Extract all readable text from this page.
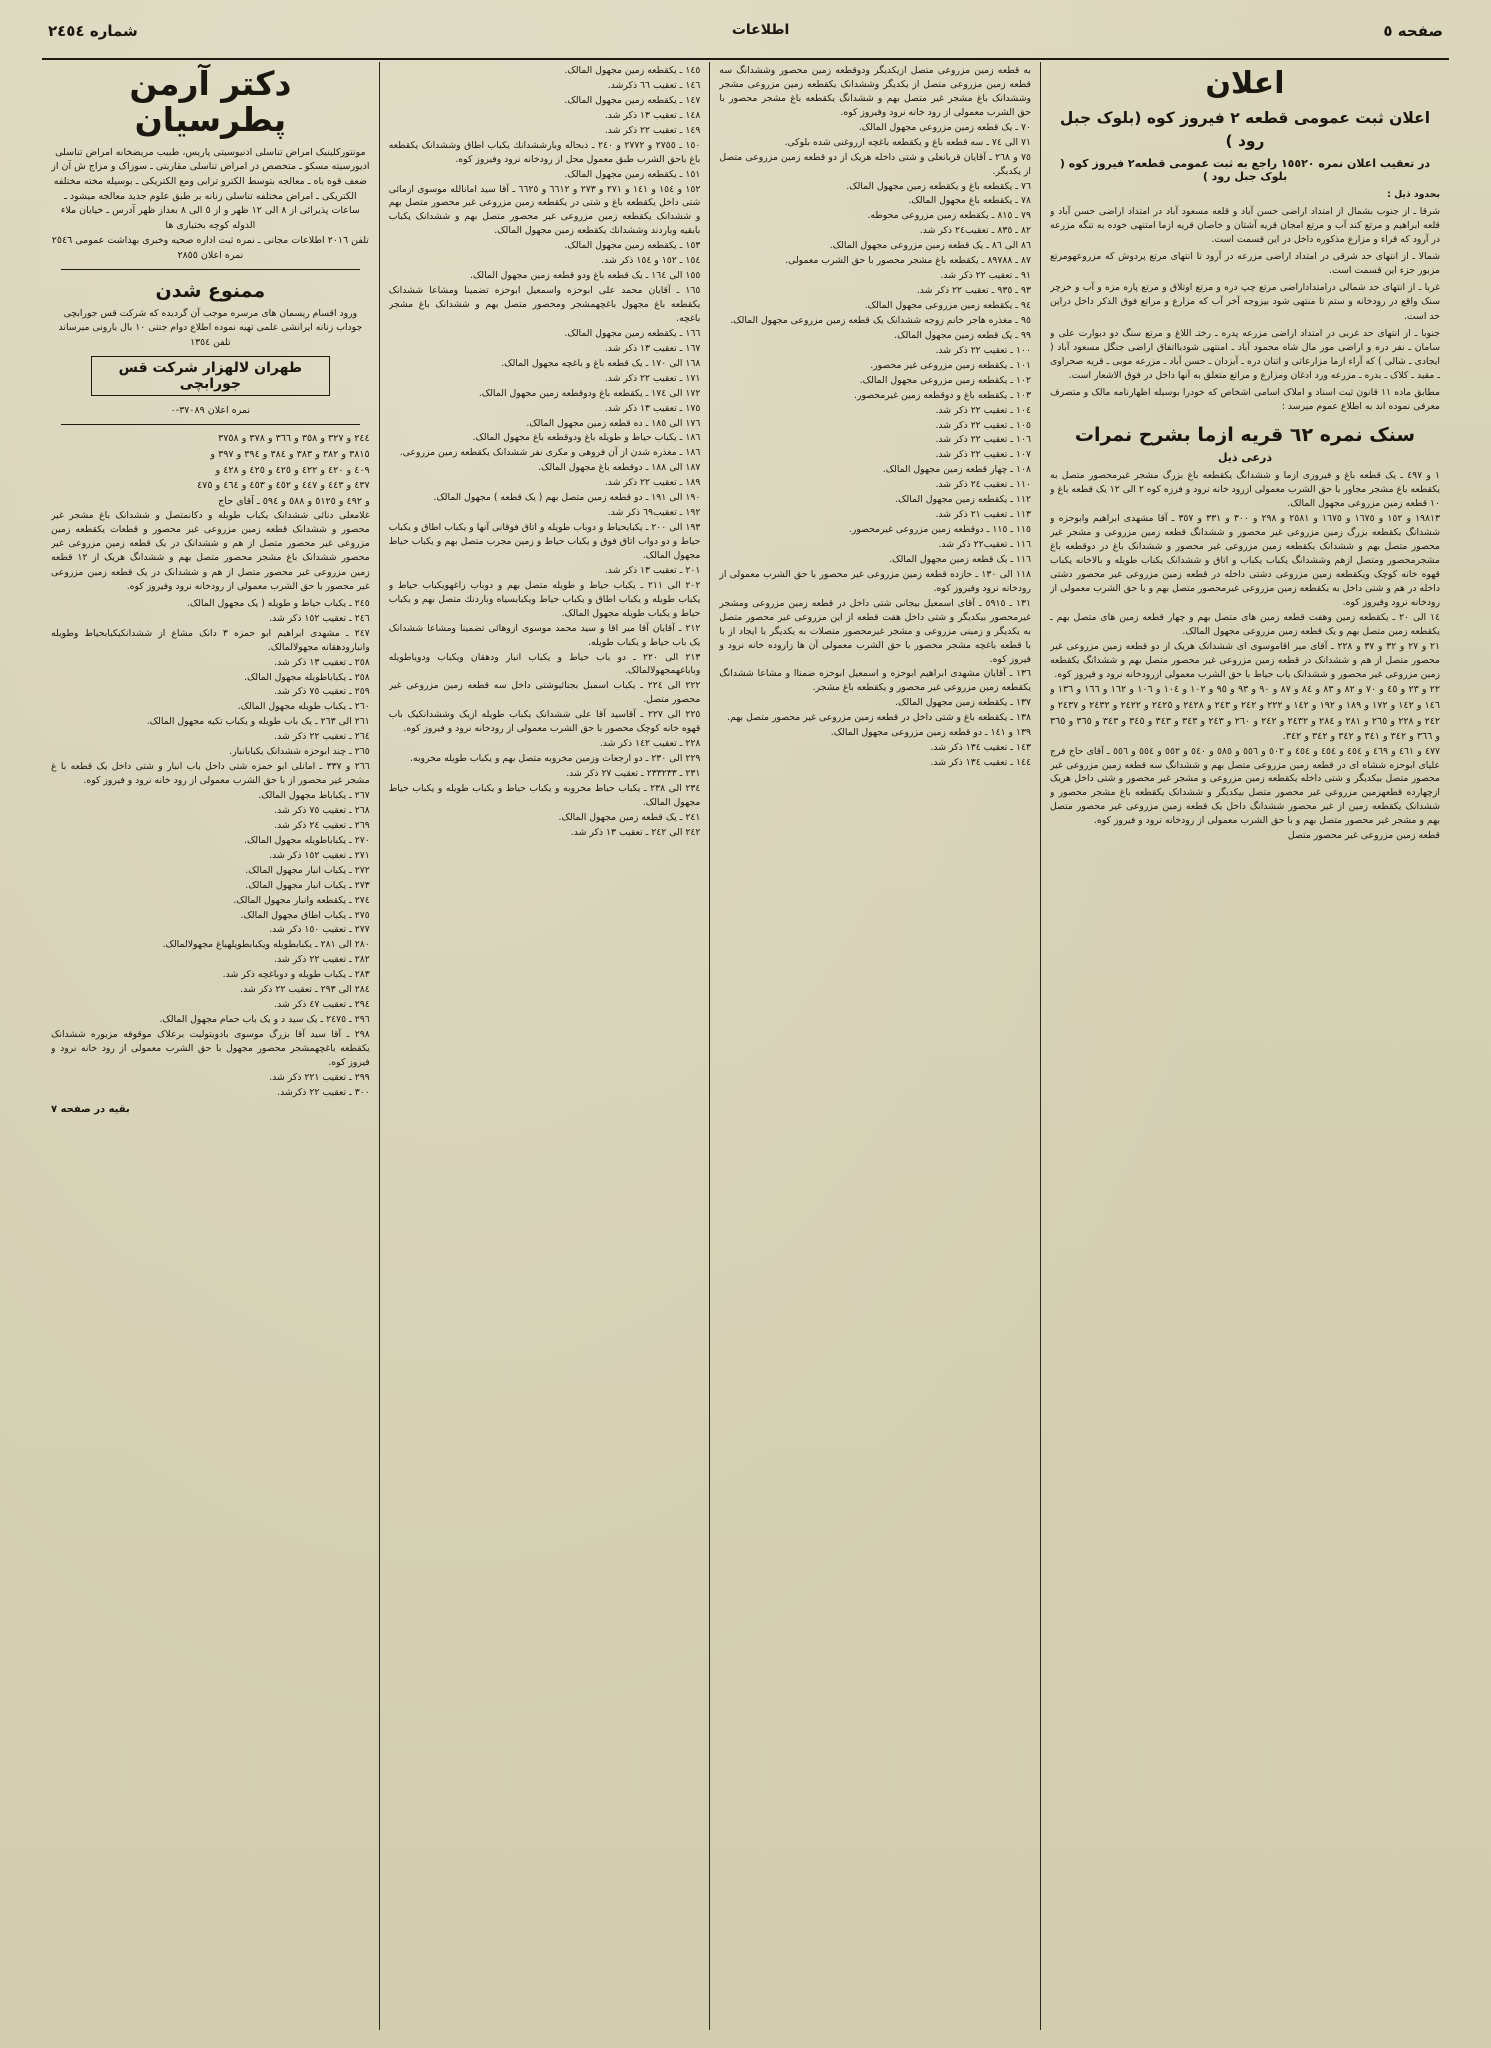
صفحه ٥
اطلاعات
شماره ۲٤٥٤
اعلان
اعلان ثبت عمومی قطعه ۲ فیروز کوه (بلوک جبل رود )
در تعقیب اعلان نمره ١٥٥٢٠ راجع به ثبت عمومی قطعه۲ فیروز کوه ( بلوک جبل رود )
بحدود ذیل :
شرقا ـ از جنوب بشمال از امتداد اراضی حسن آباد و قلعه مسعود آباد در امتداد اراضی حسن آباد و قلعه ابراهیم و مرتع کند آب و مرتع امجان قریه آشتان و خاصان قریه ازما امتنهی خوده به تنگه مزرعه در آرود که قراء و مزارع مذکوره داخل در این قسمت است.
شمالا ـ از انتهای حد شرقی در امتداد اراضی مزرعه در آرود تا انتهای مرتع پردوش که مزروعهومرتع مزبور جزء این قسمت است.
غربا ـ از انتهای حد شمالی درامتداداراضی مرتع چپ دره و مرتع اوتلاق و مرتع پاره مزه و آب و خرچر سنک واقع در رودخانه و ستم تا منتهی شود بیزوجه آخر آب که مزارع و مراتع فوق الذکر داخل دراین حد است.
جنوبا ـ از انتهای حد غربی در امتداد اراضی مزرعه پدره ـ رختـ اللاغ و مرتع سنگ دو دیوارت علی و سامان ـ نفر دره و اراضی مور مال شاه محمود آباد ـ امنتهی شودبااتفاق اراضی جنگل مسعود آباد ( ایجادی ـ شالی ) که آراء ازما مزارعاتی و اتنان دره ـ آبزدان ـ حسن آباد ـ مزرعه موبی ـ قریه صحراوی ـ مقید ـ کلاک ـ بدره ـ مزرعه ورد ادغان ومزارع و مراتع متعلق به آنها داخل در فوق الاشعار است.
مطابق ماده ١١ قانون ثبت اسناد و املاک اسامی اشخاص که خودرا بوسیله اظهارنامه مالک و متصرف معرفی نموده اند به اطلاع عموم میرسد :
سنک نمره ٦٢ قریه ازما بشرح نمرات
ذرعی ذیل
١ و ٤٩٧ ـ یک قطعه باغ و فیروزی ازما و ششدانگ یکقطعه باغ بزرگ مشجر غیرمحصور متصل به یکقطعه باغ مشجر مجاور با حق الشرب معمولی ازرود خانه نرود و فرزه کوه ۲ الی ۱۲ یک قطعه باغ و ١٠ قطعه زمین مزروعی مجهول المالک.
١٩٨١٣ و ١٥٢ و ١٦٧٥ و ١٦٧٥ و ٢٥٨١ و ٢٩٨ و ٣٠٠ و ٣٣١ و ٣٥٧ ـ آقا مشهدی ابراهیم وابوحزه و ششدانگ یکقطعه بزرگ زمین مزروعی غیر محصور و ششدانگ قطعه زمین مزروعی و مشجر غیر محصور متصل بهم و ششدانک یکقطعه زمین مزروعی غیر محصور و ششدانک باغ در دوقطعه باغ مشجرمحصور ومتصل ازهم وششدانگ یکباب یکباب و اتاق و ششدانک یکباب طویله و بالاخانه یکباب قهوه خانه کوچک ویکقطعه زمین مزروعی دشتی داخله در قطعه زمین مزروعی غیر محصور دشتی داخله در هم و شتی داخل به یکقطعه زمین مزروعی غیرمحصور متصل بهم و با حق الشرب معمولی از رودخانه نرود وفیروز کوه.
١٤ الی ٢٠ ـ یکقطعه زمین وهفت قطعه زمین های متصل بهم و چهار قطعه زمین های متصل بهم ـ یکقطعه زمین متصل بهم و یک قطعه زمین مزروعی مجهول المالک.
٢١ و ٢٧ و ٣٢ و ٣٧ و ٢٢٨ ـ آقای میر اقاموسوی ای ششدانک هریک از دو قطعه زمین مزروعی غیر محصور متصل از هم و ششدانک در قطعه زمین مزروعی غیر محصور متصل بهم و ششدانگ یکقطعه زمین مزروعی غیر محصور و ششدانک یاب حیاط با حق الشرب معمولی ازرودخانه نرود و فیروز کوه.
٢٢ و ٢٣ و ٤٥ و ٧٠ و ٨٢ و ٨٣ و ٨٤ و ٨٧ و ٩٠ و ٩٣ و ٩٥ و ١٠٢ و ١٠٤ و ١٠٦ و ١٦٢ و ١٦٦ و ١٣٦ و ١٤٦ و ١٤٢ و ١٧٢ و ١٨٩ و ١٩٢ و ١٤٢ و ٢٢٢ و ٢٤٢ و ٢٤٣ و ٢٤٢٨ و ٢٤٢٥ و ٢٤٢٢ و ٢٤٣٢ و ٢٤٣٧ و ٢٤٢ و ٢٢٨ و ٢٦٥ و ٢٨١ و ٢٨٤ و ٢٤٣٢ و ٢٤٢ و ٢٦٠ و ٢٤٣ و ٣٤٣ و ٣٤٣ و ٣٤٥ و ٣٤٣ و ٣٦٥ و ٣٦٥ و ٣٦٦ و ٣٤٢ و ٣٤١ و ٣٤٢ و ٣٤٢ و ٣٤٢.
٤٧٧ و ٤٦١ و ٤٦٩ و ٤٥٤ و ٤٥٤ و ٤٥٤ و ٥٠٢ و ٥٥٦ و ٥٨٥ و ٥٤٠ و ٥٥٢ و ٥٥٤ و ٥٥٦ ـ آقای حاج فرج علیای ابوحزه ششاه ای در قطعه زمین مزروعی متصل بهم و ششدانگ سه قطعه زمین مزروعی غیر محصور متصل بیکدیگر و شتی داخله یکقطعه زمین مزروعی و مشجر غیر محصور و شتی داخل هریک ازچهارده قطعهزمین مزروعی غیر محصور متصل بیکدیگر و ششدانک یکقطعه باغ مشجر محصور و ششدانک یکقطعه زمین از غیر محصور ششدانگ داخل یک قطعه زمین مزروعی غیر محصور متصل بهم و مشجر غیر محصور متصل بهم و با حق الشرب معمولی از رودخانه نرود و فیروز کوه.
قطعه زمین مزروعی غیر محصور متصل
به قطعه زمین مزروعی متصل ازیکدیگر ودوقطعه زمین محصور وششدانگ سه قطعه زمین مزروعی متصل از یکدیگر وششدانک یکقطعه زمین مزروعی مشجر وششدانک باغ مشجر غیر متصل بهم و ششدانگ یکقطعه باغ مشجر محصور با حق الشرب معمولی از رود خانه نرود وفیروز کوه.
٧٠ ـ یک قطعه زمین مزروعی مجهول المالک.
٧١ الی ٧٤ ـ سه قطعه باغ و یکقطعه باغچه ازروغنی شده بلوکی.
٧٥ و ٢٦٨ ـ آقایان قربانعلی و شتی داخله هریک از دو قطعه زمین مزروعی متصل از یکدیگر.
٧٦ ـ یکقطعه باغ و یکقطعه زمین مجهول المالک.
٧٨ ـ یکقطعه باغ مجهول المالک.
٧٩ ـ ٨١٥ ـ یکقطعه زمین مزروعی محوطه.
٨٢ ـ ٨٣٥ ـ تعقیب٢٤ ذکر شد.
٨٦ الی ٨٦ ـ یک قطعه زمین مزروعی مجهول المالک.
٨٧ ـ ٨٩٧٨٨ ـ یکقطعه باغ مشجر محصور با حق الشرب معمولی.
٩١ ـ تعقیب ٢٢ ذکر شد.
٩٣ ـ ٩٣٥ ـ تعقیب ٢٢ ذکر شد.
٩٤ ـ یکقطعه زمین مزروعی مجهول المالک.
٩٥ ـ مغذره هاجر خانم زوجه ششدانک یک قطعه زمین مزروعی مجهول المالک.
٩٩ ـ یک قطعه زمین مجهول المالک.
١٠٠ ـ تعقیب ٢٢ ذکر شد.
١٠١ ـ یکقطعه زمین مزروعی غیر محصور.
١٠٢ ـ یکقطعه زمین مزروعی مجهول المالک.
١٠٣ ـ یکقطعه باغ و دوقطعه زمین غیرمحصور.
١٠٤ ـ تعقیب ٢٢ ذکر شد.
١٠٥ ـ تعقیب ٢٢ ذکر شد.
١٠٦ ـ تعقیب ٢٢ ذکر شد.
١٠٧ ـ تعقیب ٢٢ ذکر شد.
١٠٨ ـ چهار قطعه زمین مجهول المالک.
١١٠ ـ تعقیب ٢٤ ذکر شد.
١١٢ ـ یکقطعه زمین مجهول المالک.
١١٣ ـ تعقیب ٢١ ذکر شد.
١١٥ ـ ١١٥ ـ دوقطعه زمین مزروعی غیرمحصور.
١١٦ ـ تعقیب٢٢ ذکر شد.
١١٦ ـ یک قطعه زمین مجهول المالک.
١١٨ الی ١٣٠ ـ حازده قطعه زمین مزروعی غیر محصور با حق الشرب معمولی از رودخانه نرود وفیروز کوه.
١٣١ ـ ٥٩١٥ ـ آقای اسمعیل بیجانی شتی داخل در قطعه زمین مزروعی ومشجر غیرمحصور بیکدیگر و شتی داخل هفت قطعه از این مزروعی غیر محصور متصل به یکدیگر و زمینی مزروعی و مشجر غیرمحصور متصلات به یکدیگر با ایجاد از با با قطعه باغچه مشجر محصور با حق الشرب معمولی آن ها زاروده خانه نرود و فیروز کوه.
١٣٦ ـ آقایان مشهدی ابراهیم ابوحزه و اسمعیل ابوحزه ضمناا و مشاعا ششدانگ یکقطعه زمین مزروعی غیر محصور و یکقطعه باغ مشجر.
١٣٧ ـ یکقطعه زمین مجهول المالک.
١٣٨ ـ یکقطعه باغ و شتی داخل در قطعه زمین مزروعی غیر محصور متصل بهم.
١٣٩ و ١٤١ ـ دو قطعه زمین مزروعی مجهول المالک.
١٤٣ ـ تعقیب ١٣٤ ذکر شد.
١٤٤ ـ تعقیب ١٣٤ ذکر شد.
١٤٥ ـ یکقطعه زمین مجهول المالک.
١٤٦ ـ تعقیب ٦٦ ذکرشد.
١٤٧ ـ یکقطعه زمین مجهول المالک.
١٤٨ ـ تعقیب ١٣ ذکر شد.
١٤٩ ـ تعقیب ٢٢ ذکر شد.
١٥٠ ـ ٢٧٥٥ و ٢٧٧٢ و ٢٤٠ ـ ذبحاله وبارششدانك یکباب اطاق وششدانک یکقطعه باغ باحق الشرب طبق معمول محل از رودخانه نرود وفیروز کوه.
١٥١ ـ یکقطعه زمین مجهول المالک.
١٥٢ و ١٥٤ و ١٤١ و ٢٧١ و ٢٧٣ و ٦٦١٢ و ٦٦٢٥ ـ آقا سید امانالله موسوی ازمائی شتی داخل یکقطعه باغ و شتی در یکقطعه زمین مزروعی غیر محصور متصل بهم و ششدانک یکقطعه زمین مزروعی غیر محصور متصل بهم و ششدانک یکباب بابقیه وباردند وششدانك یکقطعه زمین مجهول المالک.
١٥٣ ـ یکقطعه زمین مجهول المالک.
١٥٤ ـ ١٥٢ و ١٥٤ ذکر شد.
١٥٥ الی ١٦٤ ـ یک قطعه باغ ودو قطعه زمین مجهول المالک.
١٦٥ ـ آقایان محمد علی ابوحزه واسمعیل ابوحزه تضمینا ومشاعا ششدانک یکقطعه باغ مجهول باغچهمشجر ومحصور متصل بهم و ششدانک باغ مشجر باغچه.
١٦٦ ـ یکقطعه زمین مجهول المالک.
١٦٧ ـ تعقیب ١٣ ذکر شد.
١٦٨ الی ١٧٠ ـ یک قطعه باغ و باغچه مجهول المالک.
١٧١ ـ تعقیب ٢٢ ذکر شد.
١٧٢ الی ١٧٤ ـ یکقطعه باغ ودوقطعه زمین مجهول المالک.
١٧٥ ـ تعقیب ١٣ ذکر شد.
١٧٦ الی ١٨٥ ـ ده قطعه زمین مجهول المالک.
١٨٦ ـ یکباب حیاط و طویله باغ ودوقطعه باغ مجهول المالک.
١٨٦ ـ مغذره شدن از آن فروهی و مکری نفر ششدانک یکقطعه زمین مزروعی.
١٨٧ الی ١٨٨ ـ دوقطعه باغ مجهول المالک.
١٨٩ ـ تعقیب ٢٢ ذکر شد.
١٩٠ الی ١٩١ ـ دو قطعه زمین متصل بهم ( یک قطعه ) مجهول المالک.
١٩٢ ـ تعقیب٦٩ ذکر شد.
١٩٣ الی ٢٠٠ ـ یکبابحیاط و دوباب طویله و اتاق فوقانی آنها و یکباب اطاق و یکباب حیاط و دو دواب اتاق فوق و یکباب حیاط و زمین مجرب متصل بهم و یکباب حیاط مجهول المالک.
٢٠١ ـ تعقیب ١٣ ذکر شد.
٢٠٢ الی ٢١١ ـ یکباب حیاط و طویله متصل بهم و دوباب زاغهویکباب حیاط و یکباب طویله و یکباب اطاق و یکباب حیاط ویکبابسیاه وباردنك متصل بهم و یکباب حیاط و یکباب طویله مجهول المالک.
٢١٢ ـ آقایان آقا میر اقا و سید محمد موسوی ازوهائی تضمینا ومشاعا ششدانک یک باب حیاط و یکباب طویله.
٢١٣ الی ٢٢٠ ـ دو باب حیاط و یکباب انبار ودهقان ویکباب ودویاطویله وباباغهمجهولالمالک.
٢٢٢ الی ٢٢٤ ـ یکباب اسمبل بجنائیوشتی داخل سه قطعه زمین مزروعی غیر محصور متصل.
٢٢٥ الی ٢٢٧ ـ آقاسید آقا علی ششدانک یکباب طویله ازیک وششدانکیک باب قهوه خانه کوچک محصور با حق الشرب معمولی از رودخانه نرود و فیروز کوه.
٢٢٨ ـ تعقیب ١٤٢ ذکر شد.
٢٢٩ الی ٢٣٠ ـ دو ارجعات وزمین مخروبه متصل بهم و یکباب طویله مخروبه.
٢٣١ ـ ٢٣٣٢٣٣ ـ تعقیب ٢٧ ذکر شد.
٢٣٤ الی ٢٣٨ ـ یکباب حیاط مخروبه و یکباب حیاط و یکباب طویله و یکباب حیاط مجهول المالک.
٢٤١ ـ یک قطعه زمین مجهول المالک.
٢٤٢ الی ٢٤٢ ـ تعقیب ١٣ ذکر شد.
دکتر آرمن پطرسیان
مونتورکلینیک امراض تناسلی ادنیوسیتی پاریس، طبیب مریضخانه امراض تناسلی ادیورسیته مسکو ـ متخصص در امراض تناسلی مقاربتی ـ سوزاک و مزاج ش آن از ضعف قوه باه ـ معالجه بتوسط الکترو ترابی ومع الکتریکی ـ بوسیله مخته مختلفه الکتریکی ـ امراض مختلفه تناسلی زنانه بر طبق علوم جدید معالجه میشود ـ ساعات پذیرائی از ۸ الی ۱۲ ظهر و از ٥ الی ۸ بعداز ظهر آدرس ـ خیابان ملاء الدوله کوچه بختیاری ها
تلفن ٢٠١٦ اطلاعات مجانی ـ نمره ثبت اداره صحیه وخبری بهداشت عمومی ٢٥٤٦
نمره اعلان ٢٨٥٥
ممنوع شدن
ورود اقسام ریسمان های مرسره موجب آن گردیده که شرکت قس جورابچی جوداب زنانه ایرانشی علمی تهیه نموده اطلاع دوام جنتی ١٠ بال بارونی میرساند تلفن ١٣٥٤
طهران لالهزار شرکت قس جورابچی
نمره اعلان ٣٧٠٨٩-٠
٢٤٤ و ٣٢٧ و ٣٥٨ و ٣٦٦ و ٣٧٨ و ٣٧٥٨
٣٨١٥ و ٣٨٢ و ٣٨٣ و ٣٨٤ و ٣٩٤ و ٣٩٧ و
٤٠٩ و ٤٢٠ و ٤٢٢ و ٤٢٥ و ٤٢٥ و ٤٢٨ و
٤٣٧ و ٤٤٣ و ٤٤٧ و ٤٥٢ و ٤٥٣ و ٤٦٤ و ٤٧٥
و ٤٩٢ و ٥١٢٥ و ٥٨٨ و ٥٩٤ ـ آقای حاج
غلامعلی دنائی ششدانک یکباب طویله و دکانمتصل و ششدانک باغ مشجر غیر محصور و ششدانک قطعه زمین مزروعی غیر محصور و قطعات یکقطعه زمین مزروعی غیر محصور متصل از هم و ششدانک در یک قطعه زمین مزروعی غیر محصور ششدانک باغ مشجر محصور متصل بهم و ششدانگ هریک از ١٢ قطعه زمین مزروعی غیر محصور متصل از هم و ششدانک در یک قطعه زمین مزروعی غیر محصور با حق الشرب معمولی از رودخانه نرود وفیروز کوه.
٢٤٥ ـ یکباب حیاط و طویله ( یک مجهول المالک.
٢٤٦ ـ تعقیب ١٥٢ ذکر شد.
٢٤٧ ـ مشهدی ابراهیم ابو حمزه ٣ دانک مشاع از ششدانکیکبابحیاط وطویله وانبارودهقانه مجهولالمالک.
٢٥٨ ـ تعقیب ١٣ ذکر شد.
٢٥٨ ـ یکباباطویله مجهول المالک.
٢٥٩ ـ تعقیب ٧٥ ذکر شد.
٢٦٠ ـ یکباب طویله مجهول المالک.
٢٦١ الی ٢٦٣ ـ یک باب طویله و یکباب تکیه مجهول المالک.
٢٦٤ ـ تعقیب ٢٢ ذکر شد.
٢٦٥ ـ چند ابوحزه ششدانک یکبابانبار.
٢٦٦ و ٣٣٧ ـ امانلی ابو حمزه شتی داخل باب انبار و شتی داخل یک قطعه با غ مشجر غیر محصور از با حق الشرب معمولی از رود خانه نرود و فیروز کوه.
٢٦٧ ـ یکباباط مجهول المالک.
٢٦٨ ـ تعقیب ٧٥ ذکر شد.
٢٦٩ ـ تعقیب ٢٤ ذکر شد.
٢٧٠ ـ یکباباطویله مجهول المالک.
٢٧١ ـ تعقیب ١٥٢ ذکر شد.
٢٧٢ ـ یکباب انبار مجهول المالک.
٢٧٣ ـ یکباب انبار مجهول المالک.
٢٧٤ ـ یکقطعه وانبار مجهول المالک.
٢٧٥ ـ یکباب اطاق مجهول المالک.
٢٧٧ ـ تعقیب ١٥٠ ذکر شد.
٢٨٠ الی ٢٨١ ـ یکبابطویله ویکبابطویلهباغ مجهولالمالک.
٢٨٢ ـ تعقیب ٢٢ ذکر شد.
٢٨٣ ـ یکباب طویله و دوباغچه ذکر شد.
٢٨٤ الی ٢٩٣ ـ تعقیب ٢٢ ذکر شد.
٢٩٤ ـ تعقیب ٤٧ ذکر شد.
٢٩٦ ـ ٢٤٧٥ ـ یک سید د و یک باب حمام مجهول المالک.
٢٩٨ ـ آقا سید آقا بزرگ موسوی بادویتولیت برعلاک موقوفه مزبوره ششدانک یکقطعه باغچهمشجر محصور مجهول با حق الشرب معمولی از رود خانه نرود و فیروز کوه.
٢٩٩ ـ تعقیب ٢٢١ ذکر شد.
٣٠٠ ـ تعقیب ٢٢ ذکرشد.
بقیه در صفحه ٧
